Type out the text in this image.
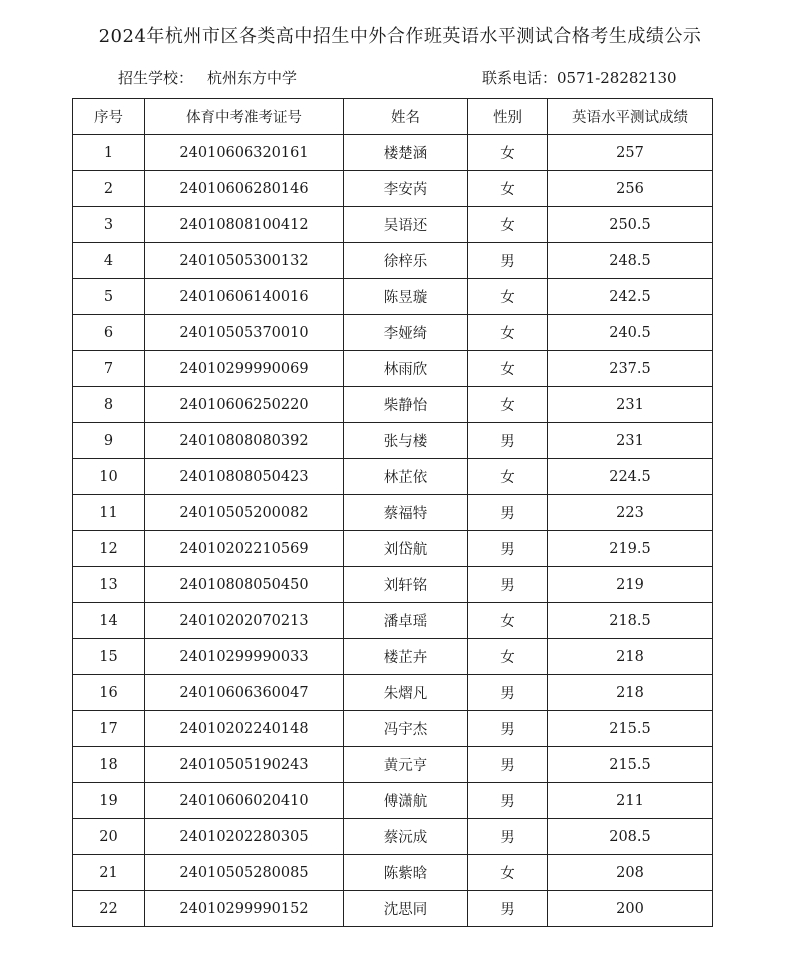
2024年杭州市区各类高中招生中外合作班英语水平测试合格考生成绩公示
招生学校： 杭州东方中学	联系电话：0571-28282130
序号	体育中考准考证号	姓名	性别	英语水平测试成绩
1	24010606320161	楼楚涵	女	257
2	24010606280146	李安芮	女	256
3	24010808100412	吴语还	女	250.5
4	24010505300132	徐梓乐	男	248.5
5	24010606140016	陈昱璇	女	242.5
6	24010505370010	李娅绮	女	240.5
7	24010299990069	林雨欣	女	237.5
8	24010606250220	柴静怡	女	231
9	24010808080392	张与楼	男	231
10	24010808050423	林芷依	女	224.5
11	24010505200082	蔡福特	男	223
12	24010202210569	刘岱航	男	219.5
13	24010808050450	刘轩铭	男	219
14	24010202070213	潘卓瑶	女	218.5
15	24010299990033	楼芷卉	女	218
16	24010606360047	朱熠凡	男	218
17	24010202240148	冯宇杰	男	215.5
18	24010505190243	黄元亨	男	215.5
19	24010606020410	傅潇航	男	211
20	24010202280305	蔡沅成	男	208.5
21	24010505280085	陈紫晗	女	208
22	24010299990152	沈思同	男	200
